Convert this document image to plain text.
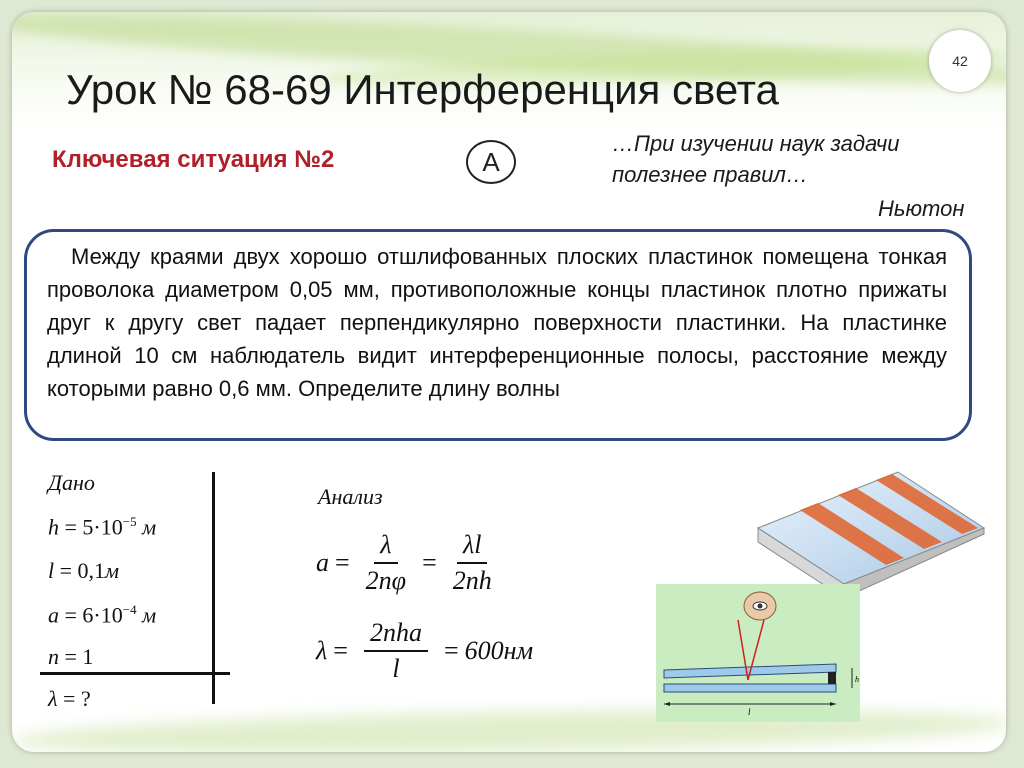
42
Урок № 68-69 Интерференция света
Ключевая ситуация №2	А
…При изучении наук задачи полезнее правил…
Ньютон

Между краями двух хорошо отшлифованных плоских пластинок помещена тонкая проволока диаметром 0,05 мм, противоположные концы пластинок плотно прижаты друг к другу свет падает перпендикулярно поверхности пластинки. На пластинке длиной 10 см наблюдатель видит интерференционные полосы, расстояние между которыми равно 0,6 мм. Определите длину волны

Дано
$h = 5\cdot 10^{-5}$ м
l = 0,1м
$a = 6\cdot 10^{-4}$ м
n = 1
λ = ?
Анализ
$a = \frac{\lambda}{2n\varphi} = \frac{\lambda l}{2nh}$
$\lambda = \frac{\text{2nha}}{l} = 600нм$
h
l
